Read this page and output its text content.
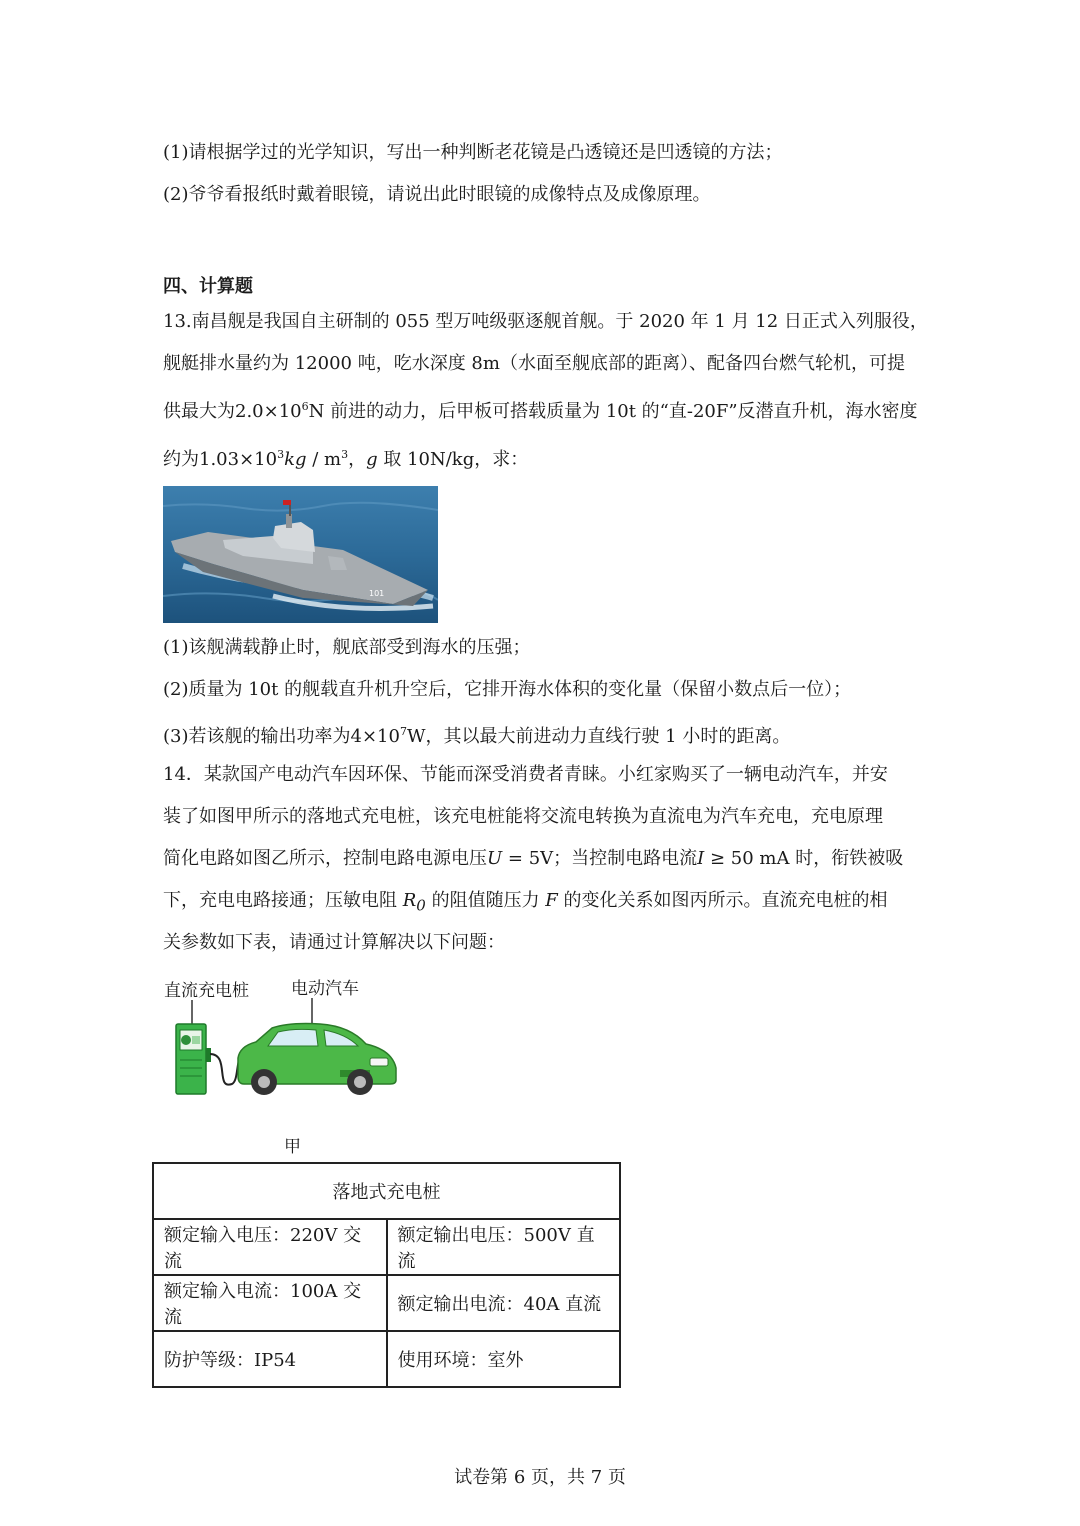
(1)请根据学过的光学知识，写出一种判断老花镜是凸透镜还是凹透镜的方法；
(2)爷爷看报纸时戴着眼镜，请说出此时眼镜的成像特点及成像原理。
四、计算题
13.南昌舰是我国自主研制的 055 型万吨级驱逐舰首舰。于 2020 年 1 月 12 日正式入列服役，
舰艇排水量约为 12000 吨，吃水深度 8m（水面至舰底部的距离）、配备四台燃气轮机，可提
供最大为$2.0\times 10^6N$ 前进的动力，后甲板可搭载质量为 10t 的“直-20F”反潜直升机，海水密度
约为$1.03\times 10^3kg / m^3$，g 取 10N/kg，求：
101
(1)该舰满载静止时，舰底部受到海水的压强；
(2)质量为 10t 的舰载直升机升空后，它排开海水体积的变化量（保留小数点后一位）；
(3)若该舰的输出功率为$4\times 10^7W$，其以最大前进动力直线行驶 1 小时的距离。
14．某款国产电动汽车因环保、节能而深受消费者青睐。小红家购买了一辆电动汽车，并安
装了如图甲所示的落地式充电桩，该充电桩能将交流电转换为直流电为汽车充电，充电原理
简化电路如图乙所示，控制电路电源电压U = 5V；当控制电路电流I ≥ 50 mA 时，衔铁被吸
下，充电电路接通；压敏电阻 $R_0$ 的阻值随压力 F 的变化关系如图丙所示。直流充电桩的相
关参数如下表，请通过计算解决以下问题：
直流充电桩 电动汽车
甲
落地式充电桩	
额定输入电压：220V 交流	额定输出电压：500V 直流
额定输入电流：100A 交流	额定输出电流：40A 直流
防护等级：IP54	使用环境：室外
试卷第 6 页，共 7 页
